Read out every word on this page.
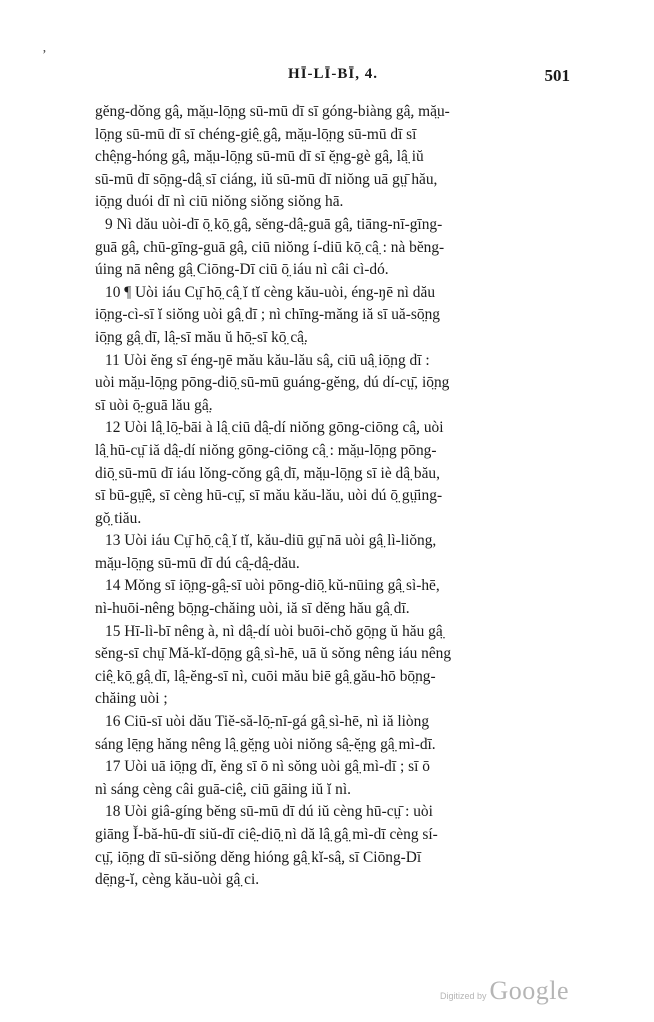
ʼ
HĪ-LĪ-BĪ, 4.	501
gĕng-dŏng gâ̤, mă̤u-lō̤ng sū-mū dī sī góng-biàng gâ̤, mă̤u-
lō̤ng sū-mū dī sī chéng-giê̤ gâ̤, mă̤u-lō̤ng sū-mū dī sī
chê̤ng-hóng gâ̤, mă̤u-lō̤ng sū-mū dī sī ĕ̤ng-gè gâ̤, lâ̤ iŭ
sū-mū dī sō̤ng-dâ̤ sī ciáng, iŭ sū-mū dī niŏng uā gṳ̄ hău,
iō̤ng duói dī nì ciū niŏng siŏng siŏng hā.
9 Nì dău uòi-dī ō̤ kō̤ gâ̤, sĕng-dâ̤-guā gâ̤, tiāng-nī-gīng-
guā gâ̤, chū-gīng-guā gâ̤, ciū niŏng í-diū kō̤ câ̤ : nà bĕng-
úing nā nêng gâ̤ Ciōng-Dī ciū ō̤ iáu nì câi cì-dó.
10 ¶ Uòi iáu Cṳ̄ hō̤ câ̤ ĭ tĭ cèng kău-uòi, éng-ŋē nì dău
iō̤ng-cì-sī ĭ siŏng uòi gâ̤ dī ; nì chīng-măng iă sī uă-sō̤ng
iō̤ng gâ̤ dī, lâ̤-sī mău ŭ hō̤-sī kō̤ câ̤.
11 Uòi ĕng sī éng-ŋē mău kău-lău sâ̤, ciū uâ̤ iō̤ng dī :
uòi mă̤u-lō̤ng pōng-diō̤ sū-mū guáng-gĕng, dú dí-cṳ̄, iō̤ng
sī uòi ō̤-guā lău gâ̤.
12 Uòi lâ̤ lō̤-bāi à lâ̤ ciū dâ̤-dí niŏng gōng-ciōng câ̤, uòi
lâ̤ hū-cṳ̄ iă dâ̤-dí niŏng gōng-ciōng câ̤ : mă̤u-lō̤ng pōng-
diō̤ sū-mū dī iáu lŏng-cŏng gâ̤ dī, mă̤u-lō̤ng sī iè dâ̤ bău,
sī bū-gṳ̄ê̤, sī cèng hū-cṳ̄, sī mău kău-lău, uòi dú ō̤ gṳ̄ing-
gŏ̤ tiău.
13 Uòi iáu Cṳ̄ hō̤ câ̤ ĭ tĭ, kău-diū gṳ̄ nā uòi gâ̤ lì-liŏng,
mă̤u-lō̤ng sū-mū dī dú câ̤-dâ̤-dău.
14 Mŏng sī iō̤ng-gâ̤-sī uòi pōng-diō̤ kŭ-nūing gâ̤ sì-hē,
nì-huōi-nêng bō̤ng-chăing uòi, iă sī dĕng hău gâ̤ dī.
15 Hī-lì-bī nêng à, nì dâ̤-dí uòi buōi-chŏ gō̤ng ŭ hău gâ̤
sĕng-sī chṳ̄ Mă-kĭ-dō̤ng gâ̤ sì-hē, uā ŭ sŏng nêng iáu nêng
ciê̤ kō̤ gâ̤ dī, lâ̤-ĕng-sī nì, cuōi mău biē gâ̤ gău-hō bō̤ng-
chăing uòi ;
16 Ciū-sī uòi dău Tiĕ-să-lō̤-nī-gá gâ̤ sì-hē, nì iă liòng
sáng lē̤ng hăng nêng lâ̤ gĕ̤ng uòi niŏng sâ̤-ĕ̤ng gâ̤ mì-dī.
17 Uòi uā iō̤ng dī, ĕng sī ō nì sŏng uòi gâ̤ mì-dī ; sī ō
nì sáng cèng câi guā-ciê̤, ciū gāing iŭ ĭ nì.
18 Uòi giâ-gíng bĕng sū-mū dī dú iŭ cèng hū-cṳ̄ : uòi
giāng Ĭ-bă-hū-dī siŭ-dī ciê̤-diō̤ nì dă lâ̤ gâ̤ mì-dī cèng sí-
cṳ̄, iō̤ng dī sū-siŏng dĕng hióng gâ̤ kĭ-sâ̤, sī Ciōng-Dī
dē̤ng-ĭ, cèng kău-uòi gâ̤ ci.
Digitized by Google
